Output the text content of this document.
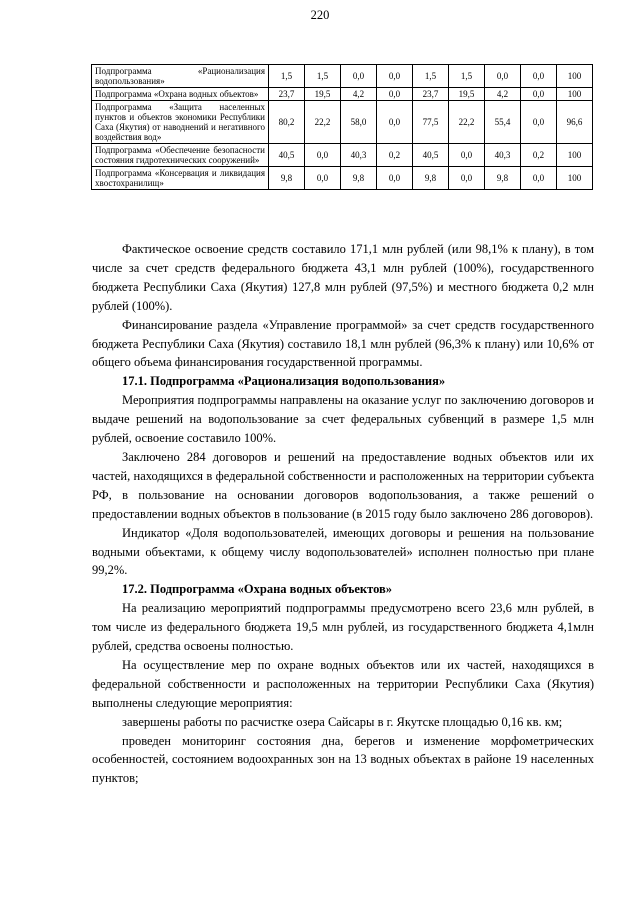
220
Подпрограмма «Рационализация водопользования»	1,5	1,5	0,0	0,0	1,5	1,5	0,0	0,0	100
Подпрограмма «Охрана водных объектов»	23,7	19,5	4,2	0,0	23,7	19,5	4,2	0,0	100
Подпрограмма «Защита населенных пунктов и объектов экономики Республики Саха (Якутия) от наводнений и негативного воздействия вод»	80,2	22,2	58,0	0,0	77,5	22,2	55,4	0,0	96,6
Подпрограмма «Обеспечение безопасности состояния гидротехнических сооружений»	40,5	0,0	40,3	0,2	40,5	0,0	40,3	0,2	100
Подпрограмма «Консервация и ликвидация хвостохранилищ»	9,8	0,0	9,8	0,0	9,8	0,0	9,8	0,0	100

Фактическое освоение средств составило 171,1 млн рублей (или 98,1% к плану), в том числе за счет средств федерального бюджета 43,1 млн рублей (100%), государственного бюджета Республики Саха (Якутия) 127,8 млн рублей (97,5%) и местного бюджета 0,2 млн рублей (100%).

Финансирование раздела «Управление программой» за счет средств государственного бюджета Республики Саха (Якутия) составило 18,1 млн рублей (96,3% к плану) или 10,6% от общего объема финансирования государственной программы.

17.1. Подпрограмма «Рационализация водопользования»

Мероприятия подпрограммы направлены на оказание услуг по заключению договоров и выдаче решений на водопользование за счет федеральных субвенций в размере 1,5 млн рублей, освоение составило 100%.

Заключено 284 договоров и решений на предоставление водных объектов или их частей, находящихся в федеральной собственности и расположенных на территории субъекта РФ, в пользование на основании договоров водопользования, а также решений о предоставлении водных объектов в пользование (в 2015 году было заключено 286 договоров).

Индикатор «Доля водопользователей, имеющих договоры и решения на пользование водными объектами, к общему числу водопользователей» исполнен полностью при плане 99,2%.

17.2. Подпрограмма «Охрана водных объектов»

На реализацию мероприятий подпрограммы предусмотрено всего 23,6 млн рублей, в том числе из федерального бюджета 19,5 млн рублей, из государственного бюджета 4,1млн рублей, средства освоены полностью.

На осуществление мер по охране водных объектов или их частей, находящихся в федеральной собственности и расположенных на территории Республики Саха (Якутия) выполнены следующие мероприятия:

завершены работы по расчистке озера Сайсары в г. Якутске площадью 0,16 кв. км;

проведен мониторинг состояния дна, берегов и изменение морфометрических особенностей, состоянием водоохранных зон на 13 водных объектах в районе 19 населенных пунктов;
